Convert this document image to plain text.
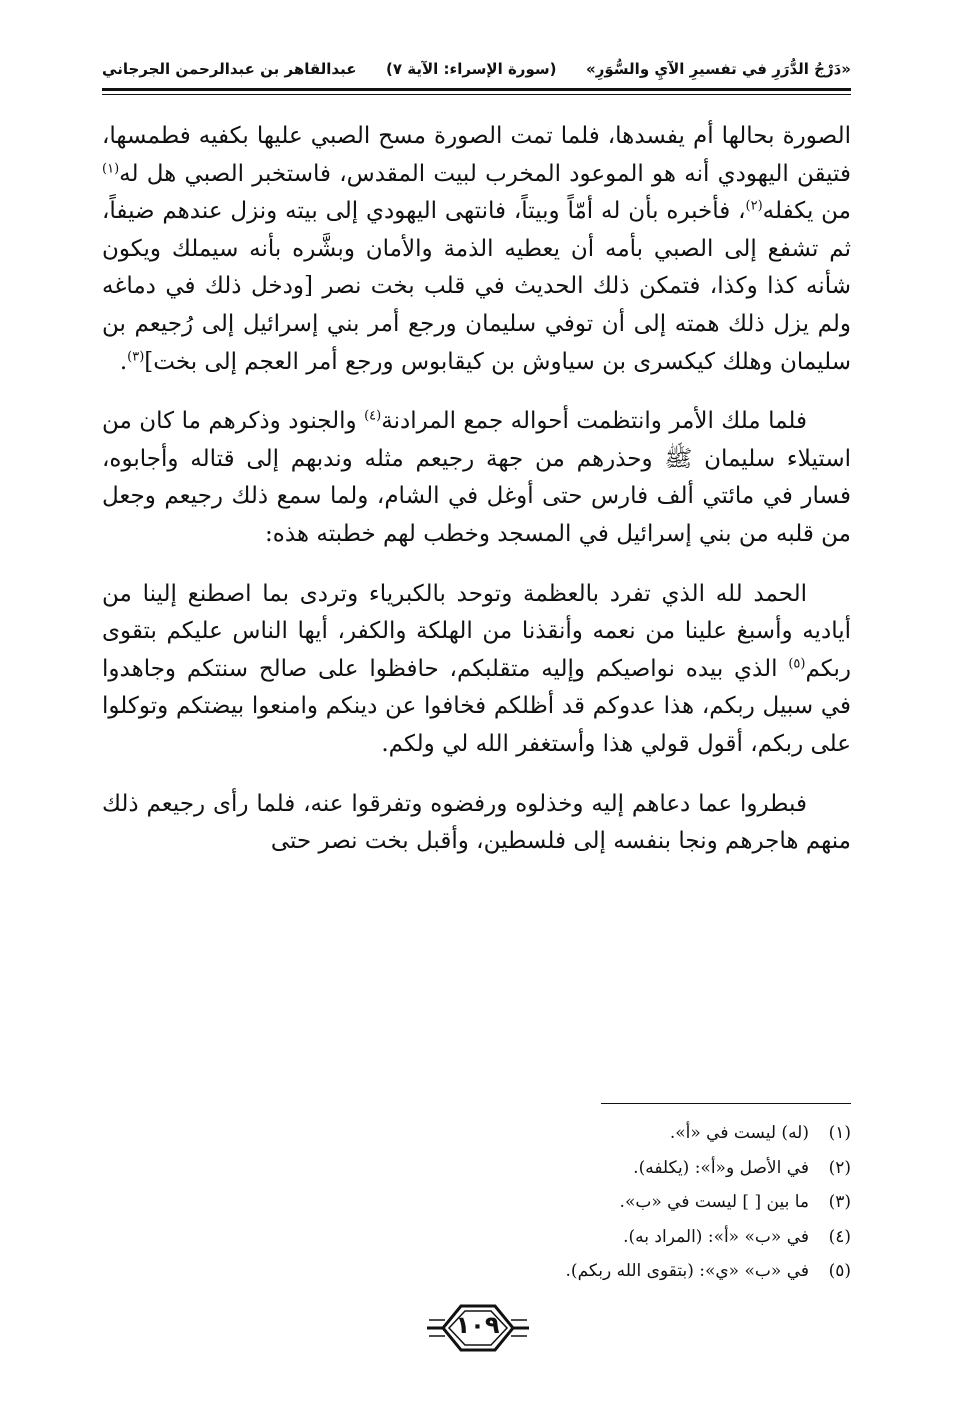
«دَرْجُ الدُّرَرِ في تفسيرِ الآيِ والسُّوَرِ»
(سورة الإسراء: الآية ٧)
عبدالقاهر بن عبدالرحمن الجرجاني

الصورة بحالها أم يفسدها، فلما تمت الصورة مسح الصبي عليها بكفيه فطمسها، فتيقن اليهودي أنه هو الموعود المخرب لبيت المقدس، فاستخبر الصبي هل له$^{(١)}$ من يكفله$^{(٢)}$، فأخبره بأن له أمّاً وبيتاً، فانتهى اليهودي إلى بيته ونزل عندهم ضيفاً، ثم تشفع إلى الصبي بأمه أن يعطيه الذمة والأمان وبشَّره بأنه سيملك ويكون شأنه كذا وكذا، فتمكن ذلك الحديث في قلب بخت نصر [ودخل ذلك في دماغه ولم يزل ذلك همته إلى أن توفي سليمان ورجع أمر بني إسرائيل إلى رُجيعم بن سليمان وهلك كيكسرى بن سياوش بن كيقابوس ورجع أمر العجم إلى بخت]$^{(٣)}$.

فلما ملك الأمر وانتظمت أحواله جمع المرادنة$^{(٤)}$ والجنود وذكرهم ما كان من استيلاء سليمان ﷺ وحذرهم من جهة رجيعم مثله وندبهم إلى قتاله وأجابوه، فسار في مائتي ألف فارس حتى أوغل في الشام، ولما سمع ذلك رجيعم وجعل من قلبه من بني إسرائيل في المسجد وخطب لهم خطبته هذه:

الحمد لله الذي تفرد بالعظمة وتوحد بالكبرياء وتردى بما اصطنع إلينا من أياديه وأسبغ علينا من نعمه وأنقذنا من الهلكة والكفر، أيها الناس عليكم بتقوى ربكم$^{(٥)}$ الذي بيده نواصيكم وإليه متقلبكم، حافظوا على صالح سنتكم وجاهدوا في سبيل ربكم، هذا عدوكم قد أظلكم فخافوا عن دينكم وامنعوا بيضتكم وتوكلوا على ربكم، أقول قولي هذا وأستغفر الله لي ولكم.

فبطروا عما دعاهم إليه وخذلوه ورفضوه وتفرقوا عنه، فلما رأى رجيعم ذلك منهم هاجرهم ونجا بنفسه إلى فلسطين، وأقبل بخت نصر حتى

(١)
(له) ليست في «أ».
(٢)
في الأصل و«أ»: (يكلفه).
(٣)
ما بين [ ] ليست في «ب».
(٤)
في «ب» «أ»: (المراد به).
(٥)
في «ب» «ي»: (بتقوى الله ربكم).
١٠٩
